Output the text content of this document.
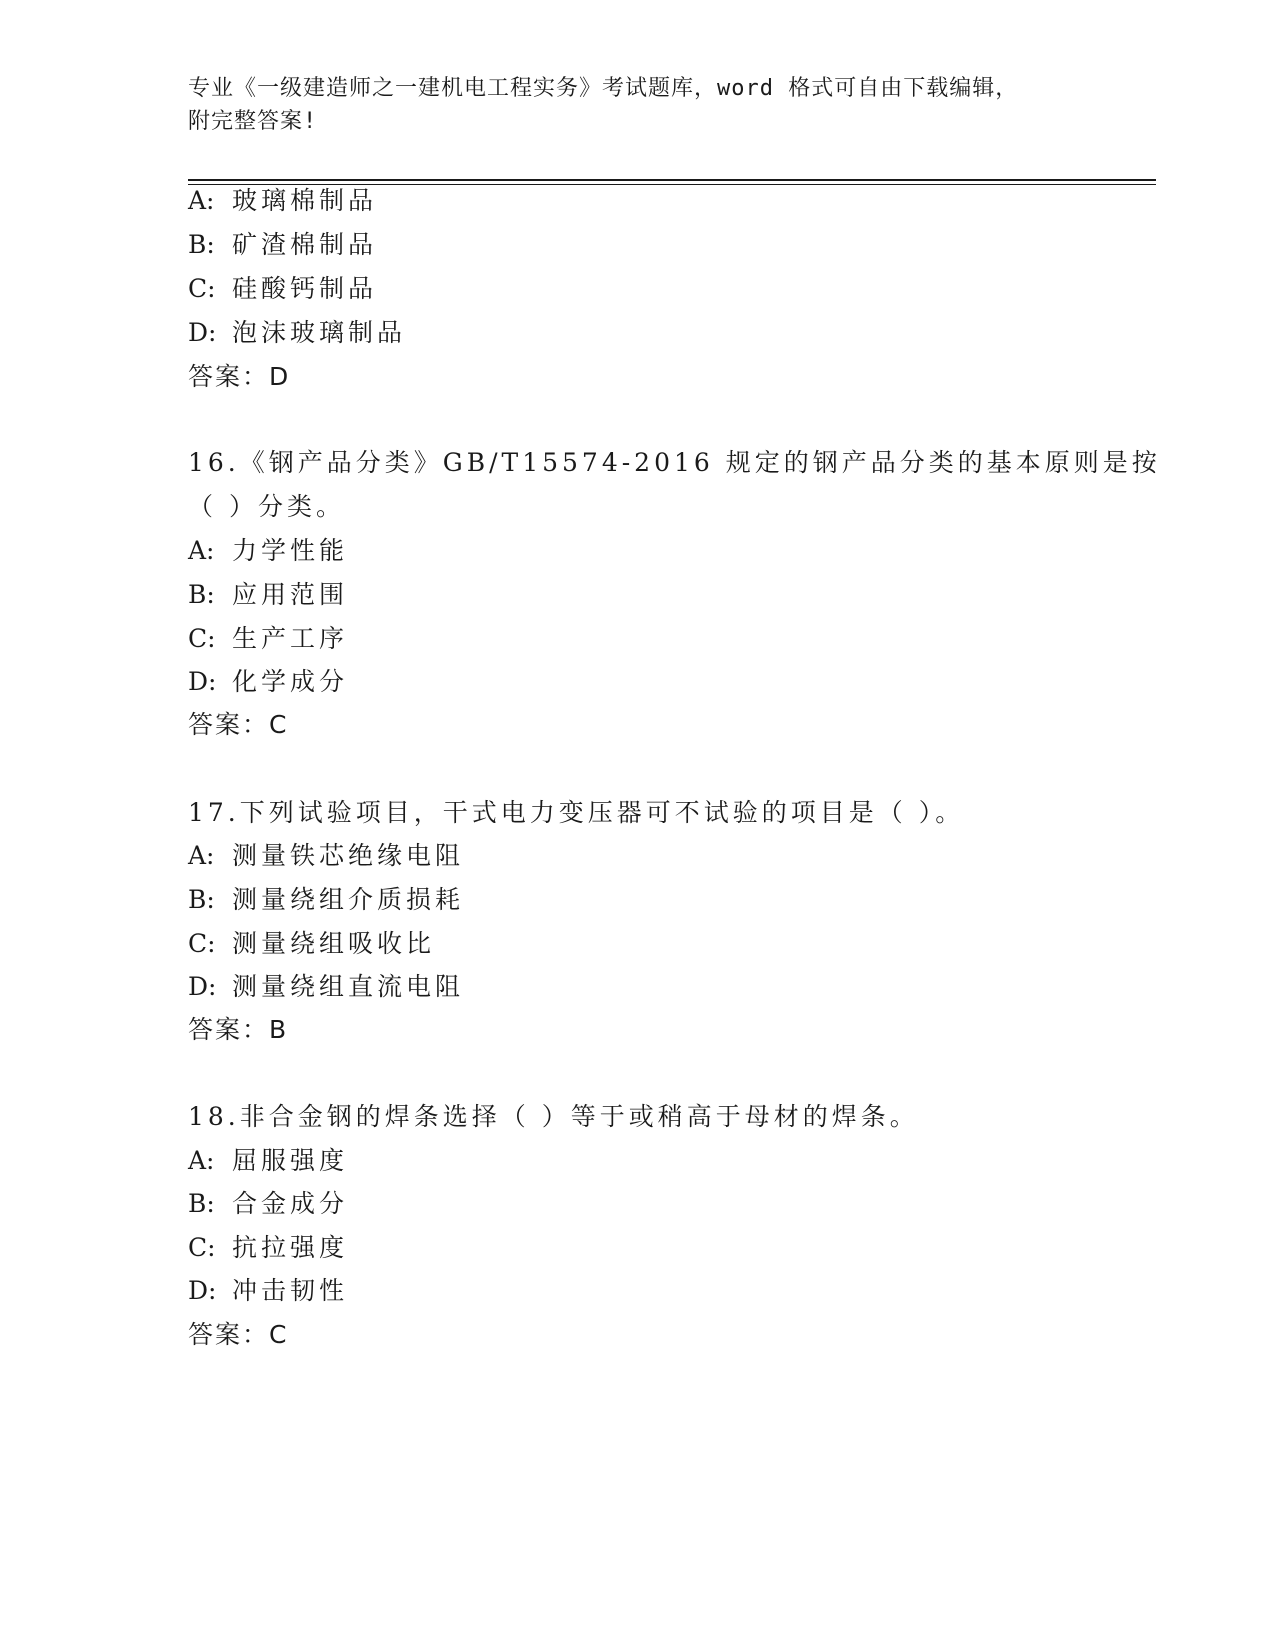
专业《一级建造师之一建机电工程实务》考试题库，word 格式可自由下载编辑，
附完整答案!
A: 玻璃棉制品
B: 矿渣棉制品
C: 硅酸钙制品
D: 泡沫玻璃制品
答案：D
16.《钢产品分类》GB/T15574-2016 规定的钢产品分类的基本原则是按
（ ）分类。
A: 力学性能
B: 应用范围
C: 生产工序
D: 化学成分
答案：C
17.下列试验项目，干式电力变压器可不试验的项目是（ ）。
A: 测量铁芯绝缘电阻
B: 测量绕组介质损耗
C: 测量绕组吸收比
D: 测量绕组直流电阻
答案：B
18.非合金钢的焊条选择（ ）等于或稍高于母材的焊条。
A: 屈服强度
B: 合金成分
C: 抗拉强度
D: 冲击韧性
答案：C
